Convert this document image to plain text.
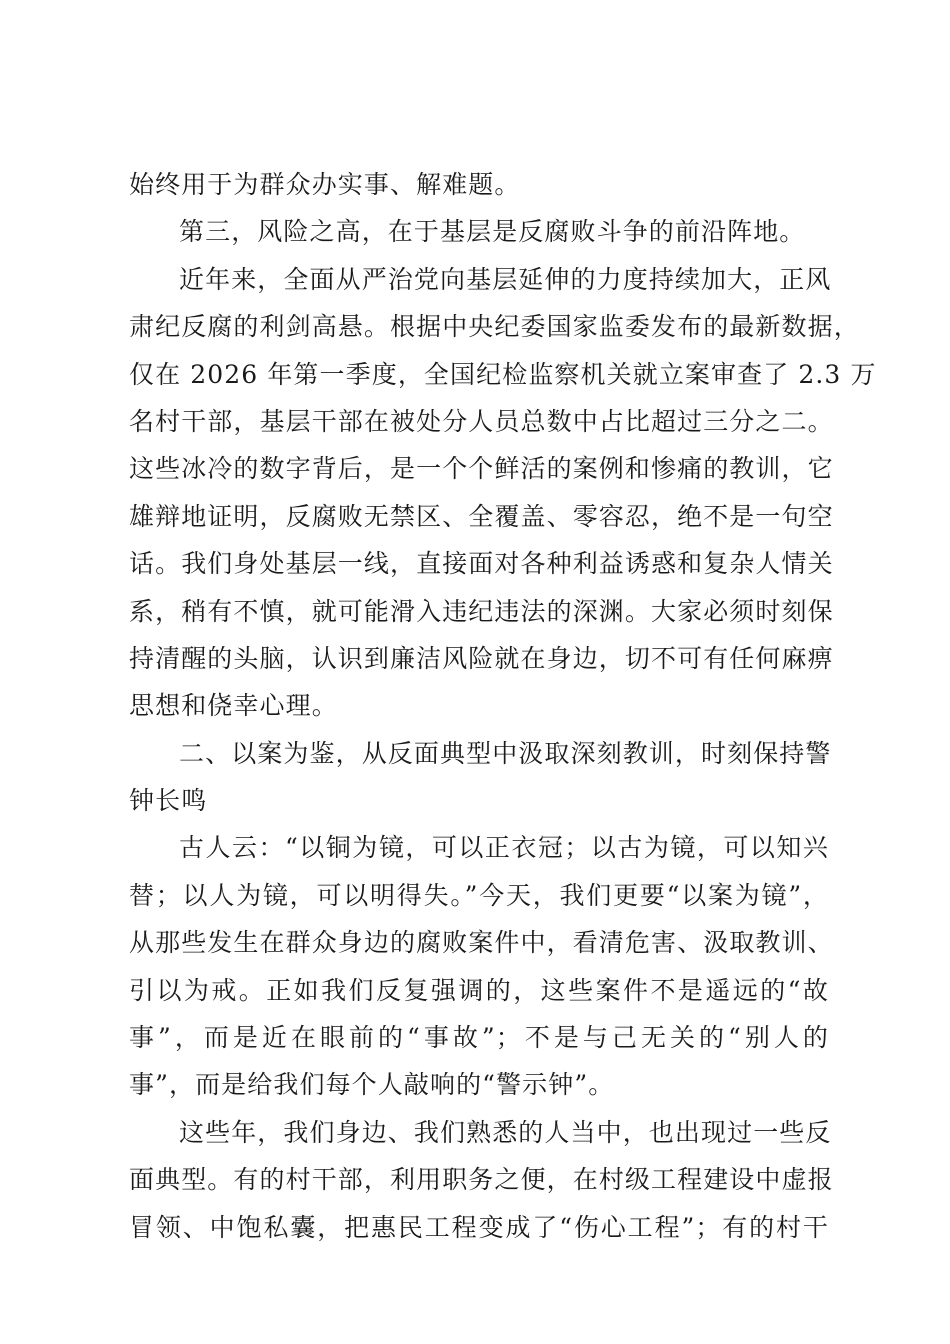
始终用于为群众办实事、解难题。
第三，风险之高，在于基层是反腐败斗争的前沿阵地。
近年来，全面从严治党向基层延伸的力度持续加大，正风
肃纪反腐的利剑高悬。根据中央纪委国家监委发布的最新数据，
仅在 2026 年第一季度，全国纪检监察机关就立案审查了 2.3 万
名村干部，基层干部在被处分人员总数中占比超过三分之二。
这些冰冷的数字背后，是一个个鲜活的案例和惨痛的教训，它
雄辩地证明，反腐败无禁区、全覆盖、零容忍，绝不是一句空
话。我们身处基层一线，直接面对各种利益诱惑和复杂人情关
系，稍有不慎，就可能滑入违纪违法的深渊。大家必须时刻保
持清醒的头脑，认识到廉洁风险就在身边，切不可有任何麻痹
思想和侥幸心理。
二、以案为鉴，从反面典型中汲取深刻教训，时刻保持警
钟长鸣
古人云：“以铜为镜，可以正衣冠；以古为镜，可以知兴
替；以人为镜，可以明得失。”今天，我们更要“以案为镜”，
从那些发生在群众身边的腐败案件中，看清危害、汲取教训、
引以为戒。正如我们反复强调的，这些案件不是遥远的“故
事”，而是近在眼前的“事故”；不是与己无关的“别人的
事”，而是给我们每个人敲响的“警示钟”。
这些年，我们身边、我们熟悉的人当中，也出现过一些反
面典型。有的村干部，利用职务之便，在村级工程建设中虚报
冒领、中饱私囊，把惠民工程变成了“伤心工程”；有的村干
